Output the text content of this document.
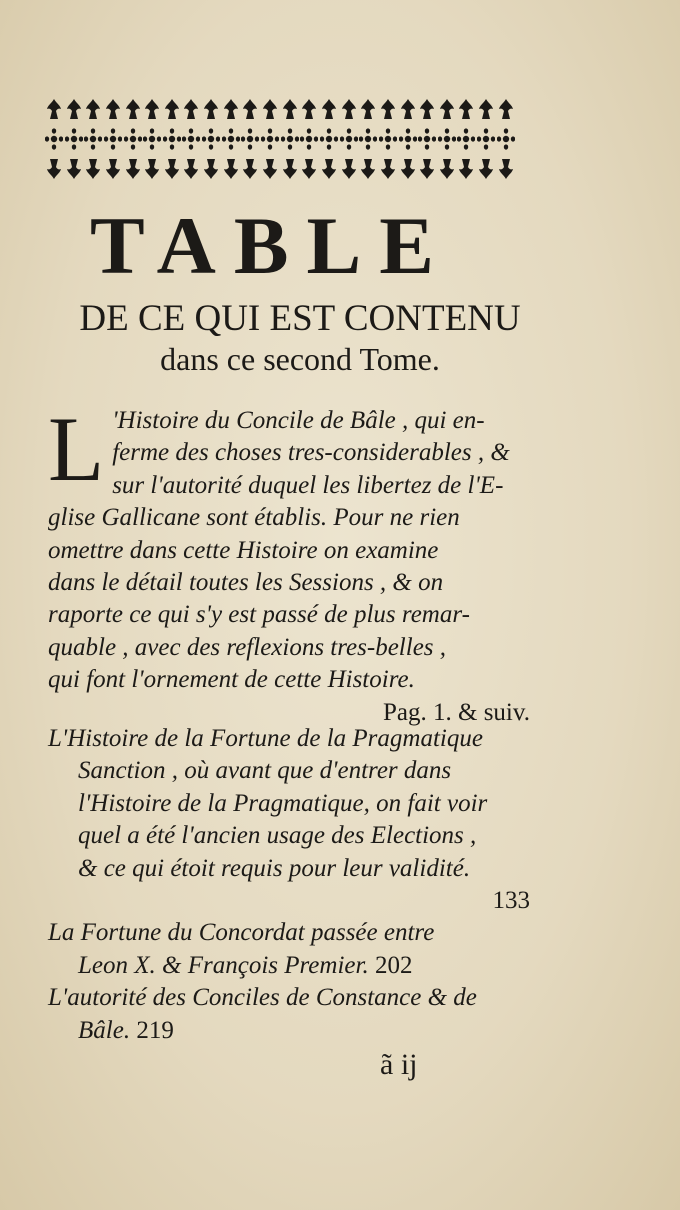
TABLE
DE CE QUI EST CONTENU
dans ce second Tome.
L 'Histoire du Concile de Bâle , qui en-
ferme des choses tres-considerables , &
sur l'autorité duquel les libertez de l'E-
glise Gallicane sont établis. Pour ne rien
omettre dans cette Histoire on examine
dans le détail toutes les Sessions , & on
raporte ce qui s'y est passé de plus remar-
quable , avec des reflexions tres-belles ,
qui font l'ornement de cette Histoire.
Pag. 1. & suiv.
L'Histoire de la Fortune de la Pragmatique
Sanction , où avant que d'entrer dans
l'Histoire de la Pragmatique, on fait voir
quel a été l'ancien usage des Elections ,
& ce qui étoit requis pour leur validité.
133
La Fortune du Concordat passée entre
Leon X. & François Premier. 202
L'autorité des Conciles de Constance & de
Bâle. 219
ã ij
